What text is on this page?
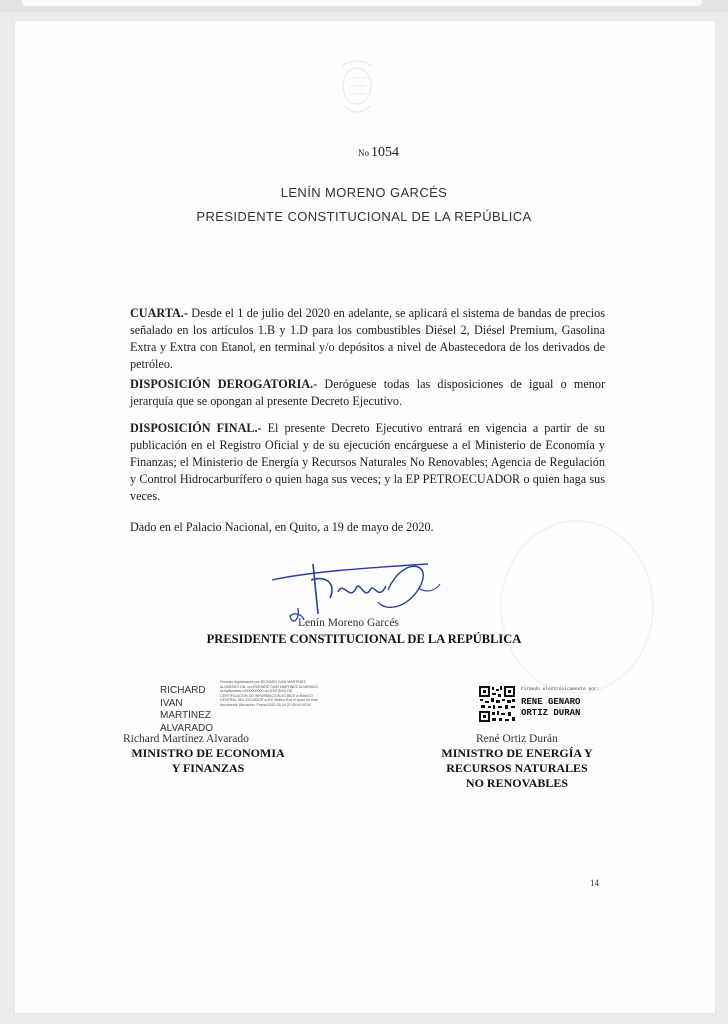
No 1054
LENÍN MORENO GARCÉS
PRESIDENTE CONSTITUCIONAL DE LA REPÚBLICA

CUARTA.- Desde el 1 de julio del 2020 en adelante, se aplicará el sistema de bandas de precios señalado en los artículos 1.B y 1.D para los combustibles Diésel 2, Diésel Premium, Gasolina Extra y Extra con Etanol, en terminal y/o depósitos a nivel de Abastecedora de los derivados de petróleo.

DISPOSICIÓN DEROGATORIA.- Deróguese todas las disposiciones de igual o menor jerarquía que se opongan al presente Decreto Ejecutivo.

DISPOSICIÓN FINAL.- El presente Decreto Ejecutivo entrará en vigencia a partir de su publicación en el Registro Oficial y de su ejecución encárguese a el Ministerio de Economía y Finanzas; el Ministerio de Energía y Recursos Naturales No Renovables; Agencia de Regulación y Control Hidrocarburífero o quien haga sus veces; y la EP PETROECUADOR o quien haga sus veces.

Dado en el Palacio Nacional, en Quito, a 19 de mayo de 2020.
Lenín Moreno Garcés
PRESIDENTE CONSTITUCIONAL DE LA REPÚBLICA
RICHARD
IVAN
MARTINEZ
ALVARADO
Firmado digitalmente por RICHARD IVAN MARTINEZ ALVARADO DN: cn=RICHARD IVAN MARTINEZ ALVARADO serialNumber=0000000000 ou=ENTIDAD DE CERTIFICACION DE INFORMACION-ECIBCE o=BANCO CENTRAL DEL ECUADOR c=EC Motivo:Soy el autor de este documento Ubicación: Fecha:2020-05-19 21:45:00-05'00'
Richard Martínez Alvarado
MINISTRO DE ECONOMIA
Y FINANZAS
Firmado electrónicamente por:
RENE GENARO
ORTIZ DURAN
René Ortiz Durán
MINISTRO DE ENERGÍA Y
RECURSOS NATURALES
NO RENOVABLES
14
